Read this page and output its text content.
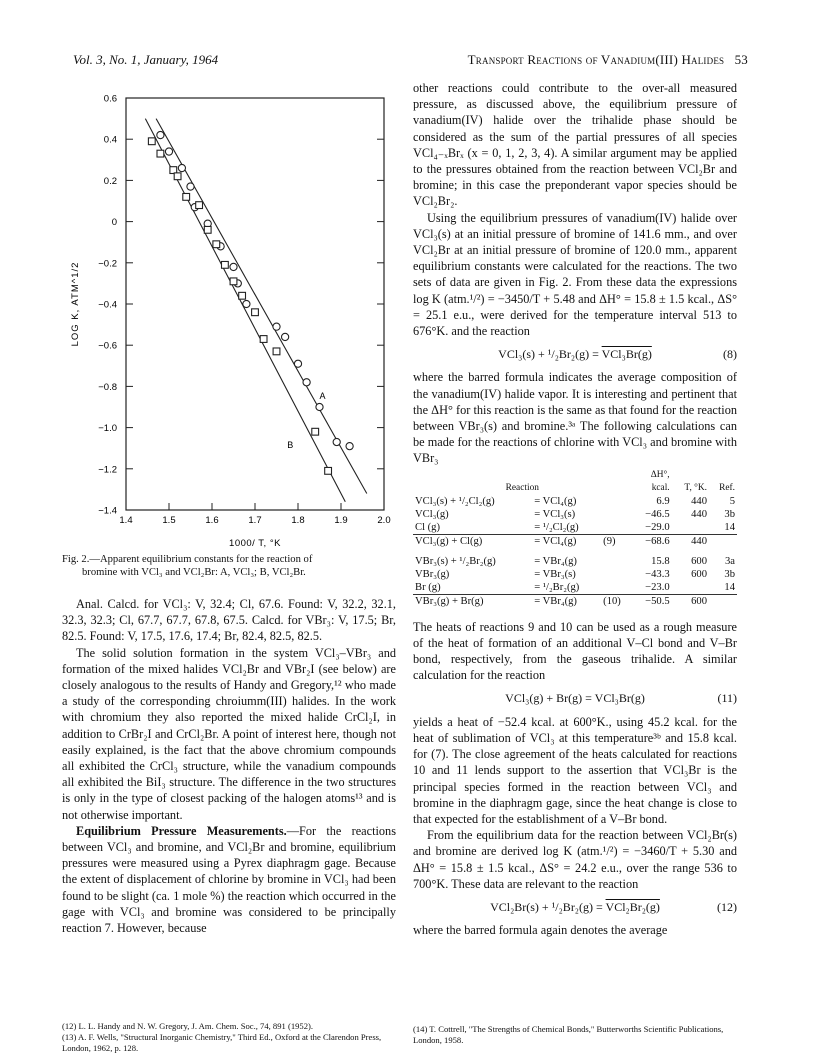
Vol. 3, No. 1, January, 1964	Transport Reactions of Vanadium(III) Halides 53
0.6
0.4
0.2
0
−0.2
−0.4
−0.6
−0.8
−1.0
−1.2
−1.4
1.4	1.5	1.6	1.7	1.8	1.9	2.0
1000/ T, °K
LOG K, ATM^1/2
A
B
Fig. 2.—Apparent equilibrium constants for the reaction of
bromine with VCl₃ and VCl₂Br: A, VCl₃; B, VCl₂Br.

Anal. Calcd. for VCl₃: V, 32.4; Cl, 67.6. Found: V, 32.2, 32.1, 32.3, 32.3; Cl, 67.7, 67.7, 67.8, 67.5. Calcd. for VBr₃: V, 17.5; Br, 82.5. Found: V, 17.5, 17.6, 17.4; Br, 82.4, 82.5, 82.5.

The solid solution formation in the system VCl₃–VBr₃ and formation of the mixed halides VCl₂Br and VBr₂I (see below) are closely analogous to the results of Handy and Gregory,¹² who made a study of the corresponding chroiumm(III) halides. In the work with chromium they also reported the mixed halide CrCl₂I, in addition to CrBr₂I and CrCl₂Br. A point of interest here, though not easily explained, is the fact that the above chromium compounds all exhibited the CrCl₃ structure, while the vanadium compounds all exhibited the BiI₃ structure. The difference in the two structures is only in the type of closest packing of the halogen atoms¹³ and is not otherwise important.

Equilibrium Pressure Measurements.—For the reactions between VCl₃ and bromine, and VCl₂Br and bromine, equilibrium pressures were measured using a Pyrex diaphragm gage. Because the extent of displacement of chlorine by bromine in VCl₃ had been found to be slight (ca. 1 mole %) the reaction which occurred in the gage with VCl₃ and bromine was considered to be principally reaction 7. However, because

(12) L. L. Handy and N. W. Gregory, J. Am. Chem. Soc., 74, 891 (1952).
(13) A. F. Wells, "Structural Inorganic Chemistry," Third Ed., Oxford at the Clarendon Press, London, 1962, p. 128.

other reactions could contribute to the over-all measured pressure, as discussed above, the equilibrium pressure of vanadium(IV) halide over the trihalide phase should be considered as the sum of the partial pressures of all species VCl₄₋ₓBrₓ (x = 0, 1, 2, 3, 4). A similar argument may be applied to the pressures obtained from the reaction between VCl₂Br and bromine; in this case the preponderant vapor species should be VCl₂Br₂.

Using the equilibrium pressures of vanadium(IV) halide over VCl₃(s) at an initial pressure of bromine of 141.6 mm., and over VCl₂Br at an initial pressure of bromine of 120.0 mm., apparent equilibrium constants were calculated for the reactions. The two sets of data are given in Fig. 2. From these data the expressions log K (atm.¹/²) = −3450/T + 5.48 and ΔH° = 15.8 ± 1.5 kcal., ΔS° = 25.1 e.u., were derived for the temperature interval 513 to 676°K. and the reaction

VCl₃(s) + ¹/₂Br₂(g) = VCl₃Br(g)	(8)

where the barred formula indicates the average composition of the vanadium(IV) halide vapor. It is interesting and pertinent that the ΔH° for this reaction is the same as that found for the reaction between VBr₃(s) and bromine.³ᵃ The following calculations can be made for the reactions of chlorine with VCl₃ and bromine with VBr₃

			ΔH°,		
Reaction			kcal.	T, °K.	Ref.
VCl₃(s) + ¹/₂Cl₂(g)	= VCl₄(g)		6.9	440	5
VCl₃(g)	= VCl₃(s)		−46.5	440	3b
Cl (g)	= ¹/₂Cl₂(g)		−29.0		14
VCl₃(g) + Cl(g)	= VCl₄(g)	(9)	−68.6	440	

VBr₃(s) + ¹/₂Br₂(g)	= VBr₄(g)		15.8	600	3a
VBr₃(g)	= VBr₃(s)		−43.3	600	3b
Br (g)	= ¹/₂Br₂(g)		−23.0		14
VBr₃(g) + Br(g)	= VBr₄(g)	(10)	−50.5	600	

The heats of reactions 9 and 10 can be used as a rough measure of the heat of formation of an additional V–Cl bond and V–Br bond, respectively, from the gaseous trihalide. A similar calculation for the reaction

VCl₃(g) + Br(g) = VCl₃Br(g)	(11)

yields a heat of −52.4 kcal. at 600°K., using 45.2 kcal. for the heat of sublimation of VCl₃ at this temperature³ᵇ and 15.8 kcal. for (7). The close agreement of the heats calculated for reactions 10 and 11 lends support to the assertion that VCl₃Br is the principal species formed in the reaction between VCl₃ and bromine in the diaphragm gage, since the heat change is close to that expected for the establishment of a V–Br bond.

From the equilibrium data for the reaction between VCl₂Br(s) and bromine are derived log K (atm.¹/²) = −3460/T + 5.30 and ΔH° = 15.8 ± 1.5 kcal., ΔS° = 24.2 e.u., over the range 536 to 700°K. These data are relevant to the reaction

VCl₂Br(s) + ¹/₂Br₂(g) = VCl₂Br₂(g)	(12)

where the barred formula again denotes the average

(14) T. Cottrell, "The Strengths of Chemical Bonds," Butterworths Scientific Publications, London, 1958.
